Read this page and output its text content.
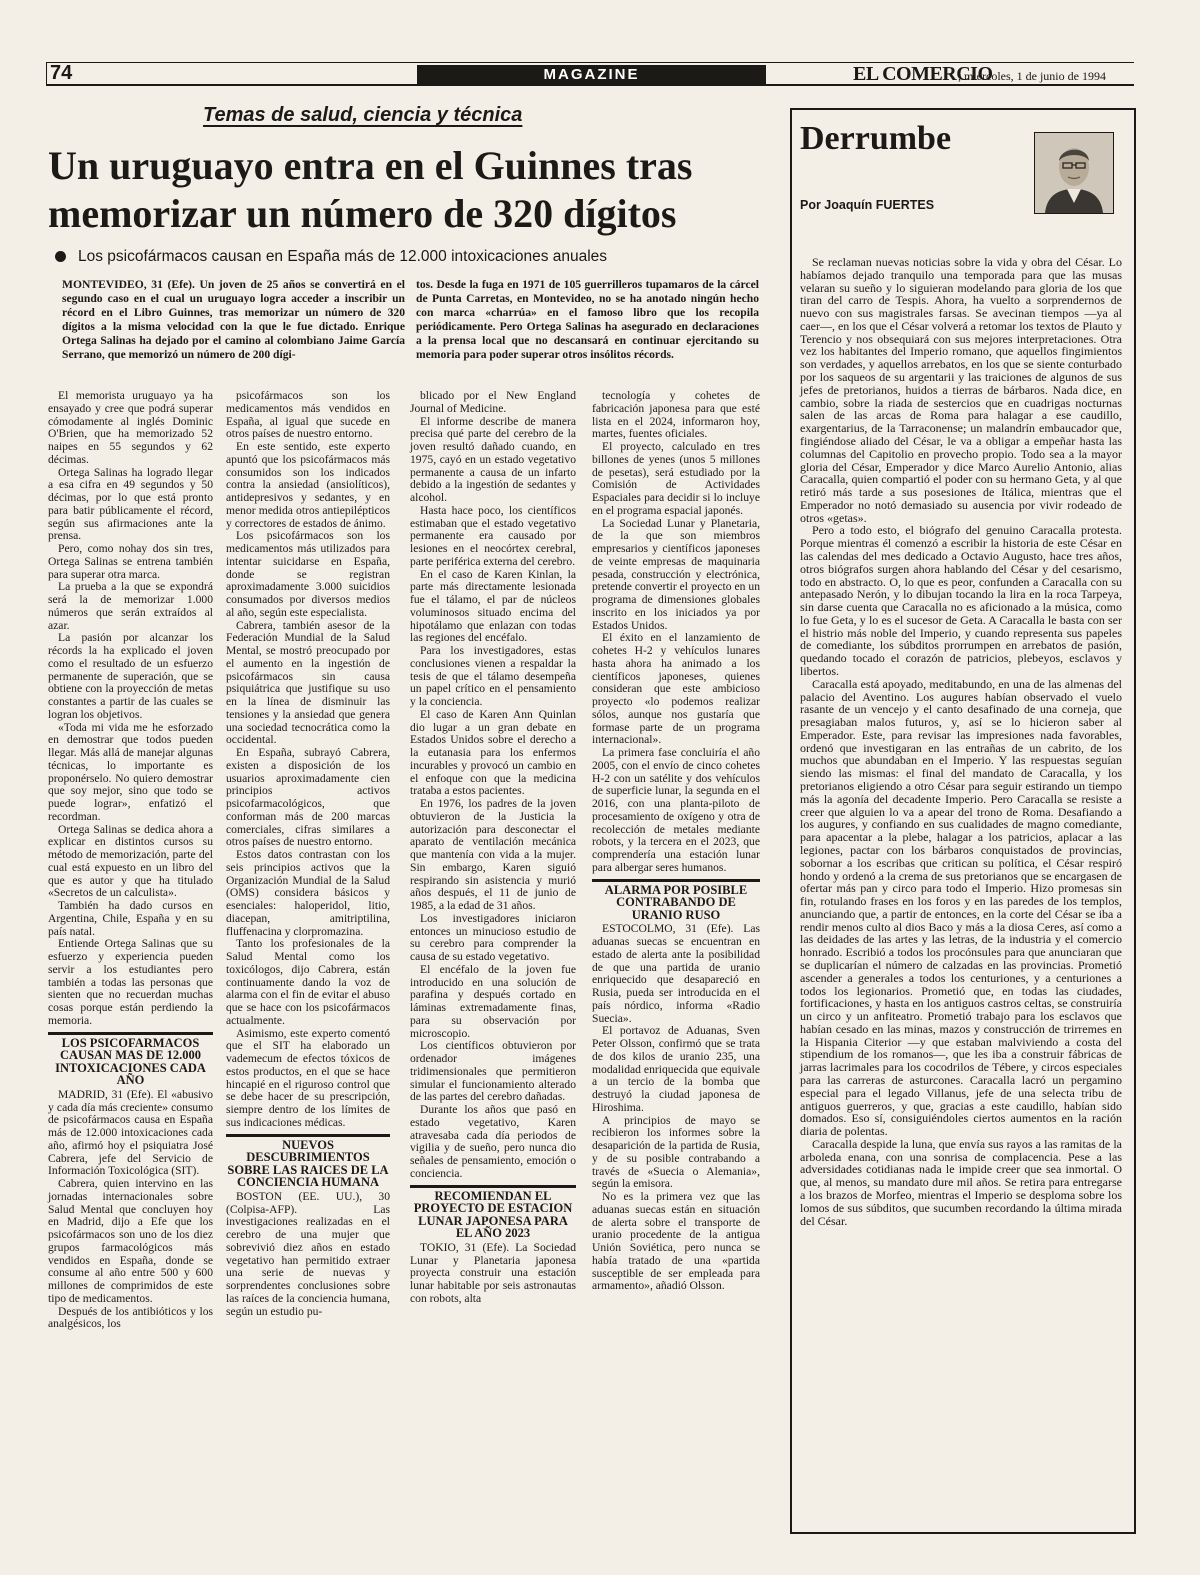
74	MAGAZINE	EL COMERCIO
, miércoles, 1 de junio de 1994
Temas de salud, ciencia y técnica
Un uruguayo entra en el Guinnes tras memorizar un número de 320 dígitos
Los psicofármacos causan en España más de 12.000 intoxicaciones anuales
MONTEVIDEO, 31 (Efe). Un joven de 25 años se convertirá en el segundo caso en el cual un uruguayo logra acceder a inscribir un récord en el Libro Guinnes, tras memorizar un número de 320 dígitos a la misma velocidad con la que le fue dictado. Enrique Ortega Salinas ha dejado por el camino al colombiano Jaime García Serrano, que memorizó un número de 200 dígi-
tos. Desde la fuga en 1971 de 105 guerrilleros tupamaros de la cárcel de Punta Carretas, en Montevideo, no se ha anotado ningún hecho con marca «charrúa» en el famoso libro que los recopila periódicamente. Pero Ortega Salinas ha asegurado en declaraciones a la prensa local que no descansará en continuar ejercitando su memoria para poder superar otros insólitos récords.

El memorista uruguayo ya ha ensayado y cree que podrá superar cómodamente al inglés Dominic O'Brien, que ha memorizado 52 naipes en 55 segundos y 62 décimas.

Ortega Salinas ha logrado llegar a esa cifra en 49 segundos y 50 décimas, por lo que está pronto para batir públicamente el récord, según sus afirmaciones ante la prensa.

Pero, como nohay dos sin tres, Ortega Salinas se entrena también para superar otra marca.

La prueba a la que se expondrá será la de memorizar 1.000 números que serán extraídos al azar.

La pasión por alcanzar los récords la ha explicado el joven como el resultado de un esfuerzo permanente de superación, que se obtiene con la proyección de metas constantes a partir de las cuales se logran los objetivos.

«Toda mi vida me he esforzado en demostrar que todos pueden llegar. Más allá de manejar algunas técnicas, lo importante es proponérselo. No quiero demostrar que soy mejor, sino que todo se puede lograr», enfatizó el recordman.

Ortega Salinas se dedica ahora a explicar en distintos cursos su método de memorización, parte del cual está expuesto en un libro del que es autor y que ha titulado «Secretos de un calculista».

También ha dado cursos en Argentina, Chile, España y en su país natal.

Entiende Ortega Salinas que su esfuerzo y experiencia pueden servir a los estudiantes pero también a todas las personas que sienten que no recuerdan muchas cosas porque están perdiendo la memoria.

LOS PSICOFARMACOS CAUSAN MAS DE 12.000 INTOXICACIONES CADA AÑO

MADRID, 31 (Efe). El «abusivo y cada día más creciente» consumo de psicofármacos causa en España más de 12.000 intoxicaciones cada año, afirmó hoy el psiquiatra José Cabrera, jefe del Servicio de Información Toxicológica (SIT).

Cabrera, quien intervino en las jornadas internacionales sobre Salud Mental que concluyen hoy en Madrid, dijo a Efe que los psicofármacos son uno de los diez grupos farmacológicos más vendidos en España, donde se consume al año entre 500 y 600 millones de comprimidos de este tipo de medicamentos.

Después de los antibióticos y los analgésicos, los

psicofármacos son los medicamentos más vendidos en España, al igual que sucede en otros países de nuestro entorno.

En este sentido, este experto apuntó que los psicofármacos más consumidos son los indicados contra la ansiedad (ansiolíticos), antidepresivos y sedantes, y en menor medida otros antiepilépticos y correctores de estados de ánimo.

Los psicofármacos son los medicamentos más utilizados para intentar suicidarse en España, donde se registran aproximadamente 3.000 suicidios consumados por diversos medios al año, según este especialista.

Cabrera, también asesor de la Federación Mundial de la Salud Mental, se mostró preocupado por el aumento en la ingestión de psicofármacos sin causa psiquiátrica que justifique su uso en la línea de disminuir las tensiones y la ansiedad que genera una sociedad tecnocrática como la occidental.

En España, subrayó Cabrera, existen a disposición de los usuarios aproximadamente cien principios activos psicofarmacológicos, que conforman más de 200 marcas comerciales, cifras similares a otros países de nuestro entorno.

Estos datos contrastan con los seis principios activos que la Organización Mundial de la Salud (OMS) considera básicos y esenciales: haloperidol, litio, diacepan, amitriptilina, fluffenacina y clorpromazina.

Tanto los profesionales de la Salud Mental como los toxicólogos, dijo Cabrera, están continuamente dando la voz de alarma con el fin de evitar el abuso que se hace con los psicofármacos actualmente.

Asimismo, este experto comentó que el SIT ha elaborado un vademecum de efectos tóxicos de estos productos, en el que se hace hincapié en el riguroso control que se debe hacer de su prescripción, siempre dentro de los límites de sus indicaciones médicas.

NUEVOS DESCUBRIMIENTOS SOBRE LAS RAICES DE LA CONCIENCIA HUMANA

BOSTON (EE. UU.), 30 (Colpisa-AFP). Las investigaciones realizadas en el cerebro de una mujer que sobrevivió diez años en estado vegetativo han permitido extraer una serie de nuevas y sorprendentes conclusiones sobre las raíces de la conciencia humana, según un estudio pu-

blicado por el New England Journal of Medicine.

El informe describe de manera precisa qué parte del cerebro de la joven resultó dañado cuando, en 1975, cayó en un estado vegetativo permanente a causa de un infarto debido a la ingestión de sedantes y alcohol.

Hasta hace poco, los científicos estimaban que el estado vegetativo permanente era causado por lesiones en el neocórtex cerebral, parte periférica externa del cerebro.

En el caso de Karen Kinlan, la parte más directamente lesionada fue el tálamo, el par de núcleos voluminosos situado encima del hipotálamo que enlazan con todas las regiones del encéfalo.

Para los investigadores, estas conclusiones vienen a respaldar la tesis de que el tálamo desempeña un papel crítico en el pensamiento y la conciencia.

El caso de Karen Ann Quinlan dio lugar a un gran debate en Estados Unidos sobre el derecho a la eutanasia para los enfermos incurables y provocó un cambio en el enfoque con que la medicina trataba a estos pacientes.

En 1976, los padres de la joven obtuvieron de la Justicia la autorización para desconectar el aparato de ventilación mecánica que mantenía con vida a la mujer. Sin embargo, Karen siguió respirando sin asistencia y murió años después, el 11 de junio de 1985, a la edad de 31 años.

Los investigadores iniciaron entonces un minucioso estudio de su cerebro para comprender la causa de su estado vegetativo.

El encéfalo de la joven fue introducido en una solución de parafina y después cortado en láminas extremadamente finas, para su observación por microscopio.

Los científicos obtuvieron por ordenador imágenes tridimensionales que permitieron simular el funcionamiento alterado de las partes del cerebro dañadas.

Durante los años que pasó en estado vegetativo, Karen atravesaba cada día periodos de vigilia y de sueño, pero nunca dio señales de pensamiento, emoción o conciencia.

RECOMIENDAN EL PROYECTO DE ESTACION LUNAR JAPONESA PARA EL AÑO 2023

TOKIO, 31 (Efe). La Sociedad Lunar y Planetaria japonesa proyecta construir una estación lunar habitable por seis astronautas con robots, alta

tecnología y cohetes de fabricación japonesa para que esté lista en el 2024, informaron hoy, martes, fuentes oficiales.

El proyecto, calculado en tres billones de yenes (unos 5 millones de pesetas), será estudiado por la Comisión de Actividades Espaciales para decidir si lo incluye en el programa espacial japonés.

La Sociedad Lunar y Planetaria, de la que son miembros empresarios y científicos japoneses de veinte empresas de maquinaria pesada, construcción y electrónica, pretende convertir el proyecto en un programa de dimensiones globales inscrito en los iniciados ya por Estados Unidos.

El éxito en el lanzamiento de cohetes H-2 y vehículos lunares hasta ahora ha animado a los científicos japoneses, quienes consideran que este ambicioso proyecto «lo podemos realizar sólos, aunque nos gustaría que formase parte de un programa internacional».

La primera fase concluiría el año 2005, con el envío de cinco cohetes H-2 con un satélite y dos vehículos de superficie lunar, la segunda en el 2016, con una planta-piloto de procesamiento de oxígeno y otra de recolección de metales mediante robots, y la tercera en el 2023, que comprendería una estación lunar para albergar seres humanos.

ALARMA POR POSIBLE CONTRABANDO DE URANIO RUSO

ESTOCOLMO, 31 (Efe). Las aduanas suecas se encuentran en estado de alerta ante la posibilidad de que una partida de uranio enriquecido que desapareció en Rusia, pueda ser introducida en el país nórdico, informa «Radio Suecia».

El portavoz de Aduanas, Sven Peter Olsson, confirmó que se trata de dos kilos de uranio 235, una modalidad enriquecida que equivale a un tercio de la bomba que destruyó la ciudad japonesa de Hiroshima.

A principios de mayo se recibieron los informes sobre la desaparición de la partida de Rusia, y de su posible contrabando a través de «Suecia o Alemania», según la emisora.

No es la primera vez que las aduanas suecas están en situación de alerta sobre el transporte de uranio procedente de la antigua Unión Soviética, pero nunca se había tratado de una «partida susceptible de ser empleada para armamento», añadió Olsson.

Derrumbe
Por Joaquín FUERTES

Se reclaman nuevas noticias sobre la vida y obra del César. Lo habíamos dejado tranquilo una temporada para que las musas velaran su sueño y lo siguieran modelando para gloria de los que tiran del carro de Tespis. Ahora, ha vuelto a sorprendernos de nuevo con sus magistrales farsas. Se avecinan tiempos —ya al caer—, en los que el César volverá a retomar los textos de Plauto y Terencio y nos obsequiará con sus mejores interpretaciones. Otra vez los habitantes del Imperio romano, que aquellos fingimientos son verdades, y aquellos arrebatos, en los que se siente conturbado por los saqueos de su argentarii y las traiciones de algunos de sus jefes de pretorianos, huidos a tierras de bárbaros. Nada dice, en cambio, sobre la riada de sestercios que en cuadrigas nocturnas salen de las arcas de Roma para halagar a ese caudillo, exargentarius, de la Tarraconense; un malandrín embaucador que, fingiéndose aliado del César, le va a obligar a empeñar hasta las columnas del Capitolio en provecho propio. Todo sea a la mayor gloria del César, Emperador y dice Marco Aurelio Antonio, alias Caracalla, quien compartió el poder con su hermano Geta, y al que retiró más tarde a sus posesiones de Itálica, mientras que el Emperador no notó demasiado su ausencia por vivir rodeado de otros «getas».

Pero a todo esto, el biógrafo del genuino Caracalla protesta. Porque mientras él comenzó a escribir la historia de este César en las calendas del mes dedicado a Octavio Augusto, hace tres años, otros biógrafos surgen ahora hablando del César y del cesarismo, todo en abstracto. O, lo que es peor, confunden a Caracalla con su antepasado Nerón, y lo dibujan tocando la lira en la roca Tarpeya, sin darse cuenta que Caracalla no es aficionado a la música, como lo fue Geta, y lo es el sucesor de Geta. A Caracalla le basta con ser el histrio más noble del Imperio, y cuando representa sus papeles de comediante, los súbditos prorrumpen en arrebatos de pasión, quedando tocado el corazón de patricios, plebeyos, esclavos y libertos.

Caracalla está apoyado, meditabundo, en una de las almenas del palacio del Aventino. Los augures habían observado el vuelo rasante de un vencejo y el canto desafinado de una corneja, que presagiaban malos futuros, y, así se lo hicieron saber al Emperador. Este, para revisar las impresiones nada favorables, ordenó que investigaran en las entrañas de un cabrito, de los muchos que abundaban en el Imperio. Y las respuestas seguían siendo las mismas: el final del mandato de Caracalla, y los pretorianos eligiendo a otro César para seguir estirando un tiempo más la agonía del decadente Imperio. Pero Caracalla se resiste a creer que alguien lo va a apear del trono de Roma. Desafiando a los augures, y confiando en sus cualidades de magno comediante, para apacentar a la plebe, halagar a los patricios, aplacar a las legiones, pactar con los bárbaros conquistados de provincias, sobornar a los escribas que critican su política, el César respiró hondo y ordenó a la crema de sus pretorianos que se encargasen de ofertar más pan y circo para todo el Imperio. Hizo promesas sin fin, rotulando frases en los foros y en las paredes de los templos, anunciando que, a partir de entonces, en la corte del César se iba a rendir menos culto al dios Baco y más a la diosa Ceres, así como a las deidades de las artes y las letras, de la industria y el comercio honrado. Escribió a todos los procónsules para que anunciaran que se duplicarían el número de calzadas en las provincias. Prometió ascender a generales a todos los centuriones, y a centuriones a todos los legionarios. Prometió que, en todas las ciudades, fortificaciones, y hasta en los antiguos castros celtas, se construiría un circo y un anfiteatro. Prometió trabajo para los esclavos que habían cesado en las minas, mazos y construcción de trirremes en la Hispania Citerior —y que estaban malviviendo a costa del stipendium de los romanos—, que les iba a construir fábricas de jarras lacrimales para los cocodrilos de Tébere, y circos especiales para las carreras de asturcones. Caracalla lacró un pergamino especial para el legado Villanus, jefe de una selecta tribu de antiguos guerreros, y que, gracias a este caudillo, habían sido domados. Eso sí, consiguiéndoles ciertos aumentos en la ración diaria de polentas.

Caracalla despide la luna, que envía sus rayos a las ramitas de la arboleda enana, con una sonrisa de complacencia. Pese a las adversidades cotidianas nada le impide creer que sea inmortal. O que, al menos, su mandato dure mil años. Se retira para entregarse a los brazos de Morfeo, mientras el Imperio se desploma sobre los lomos de sus súbditos, que sucumben recordando la última mirada del César.
